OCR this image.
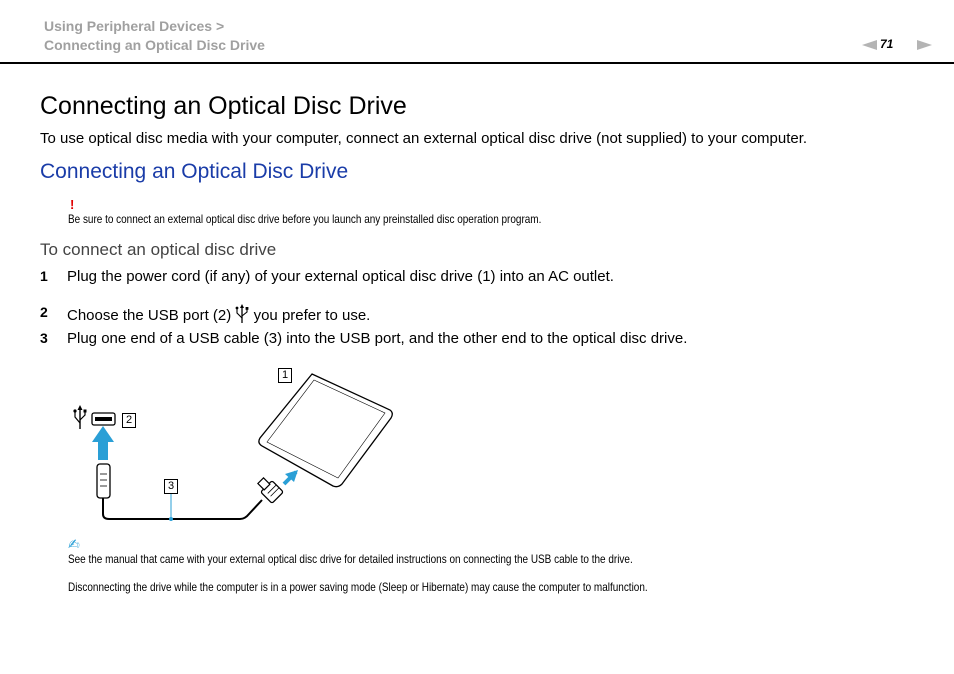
Using Peripheral Devices >
Connecting an Optical Disc Drive	71
Connecting an Optical Disc Drive
To use optical disc media with your computer, connect an external optical disc drive (not supplied) to your computer.
Connecting an Optical Disc Drive
!
Be sure to connect an external optical disc drive before you launch any preinstalled disc operation program.
To connect an optical disc drive
1 Plug the power cord (if any) of your external optical disc drive (1) into an AC outlet.
2 Choose the USB port (2) you prefer to use.
3 Plug one end of a USB cable (3) into the USB port, and the other end to the optical disc drive.
1
2
3
✍
See the manual that came with your external optical disc drive for detailed instructions on connecting the USB cable to the drive.
Disconnecting the drive while the computer is in a power saving mode (Sleep or Hibernate) may cause the computer to malfunction.
